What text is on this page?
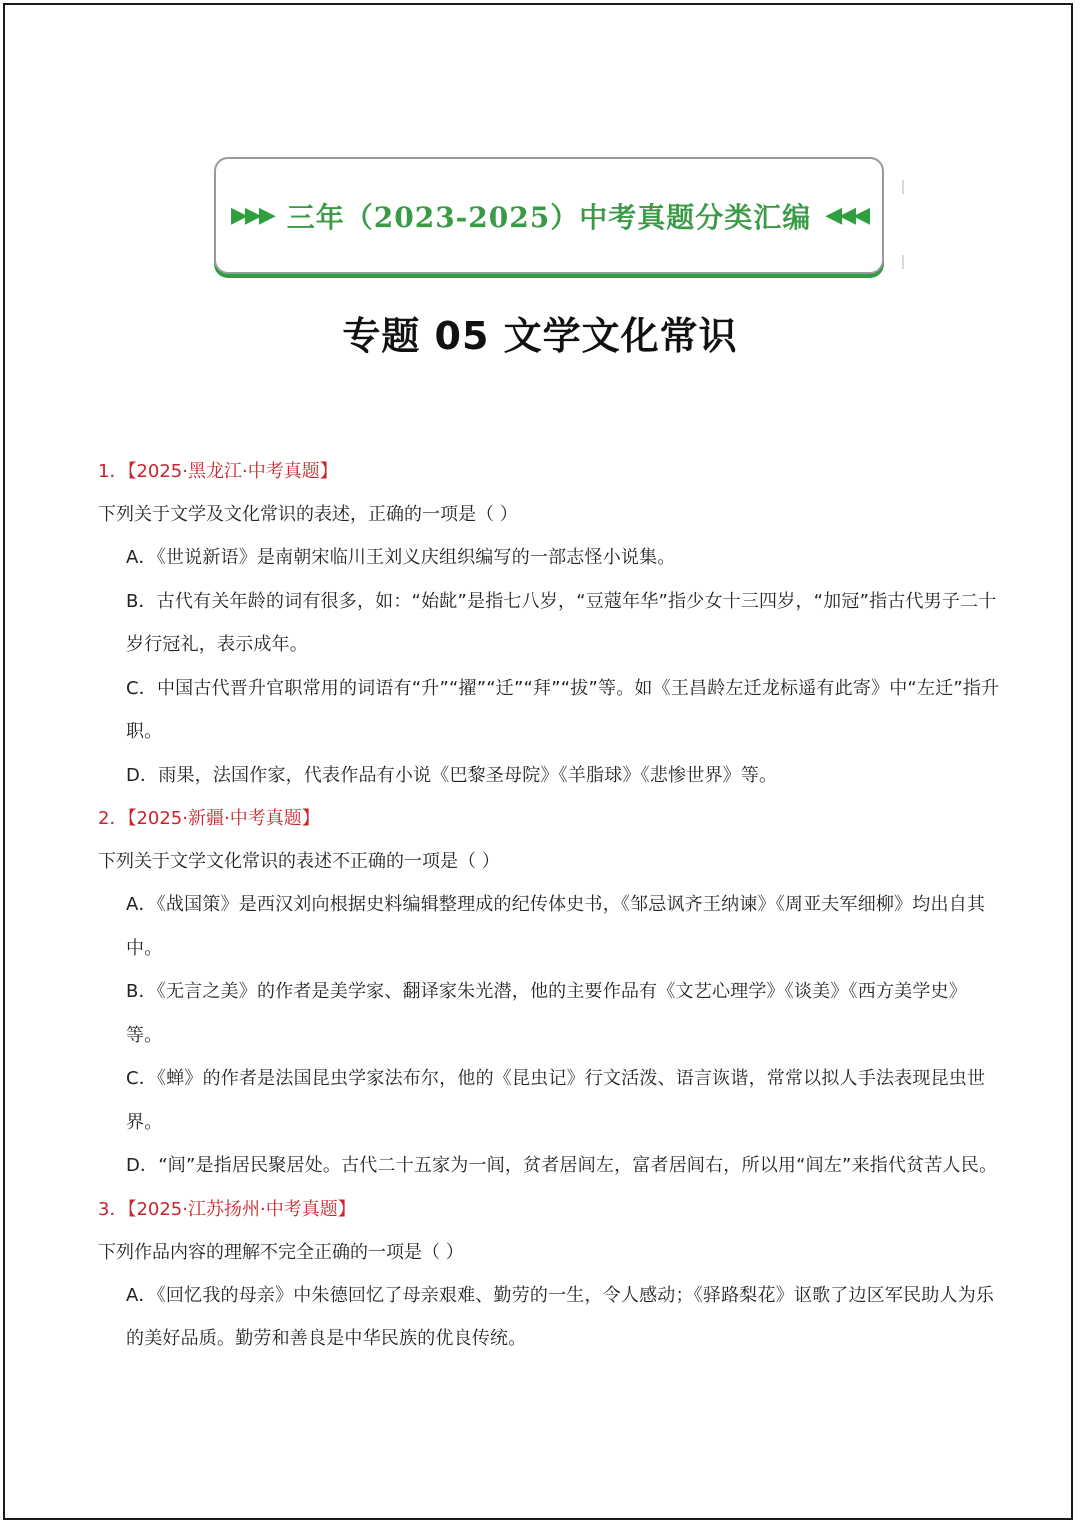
▶▶▶ 三年（2023-2025）中考真题分类汇编 ◀◀◀
专题 05 文学文化常识
1．【2025·黑龙江·中考真题】
下列关于文学及文化常识的表述，正确的一项是（ ）
A．《世说新语》是南朝宋临川王刘义庆组织编写的一部志怪小说集。
B．古代有关年龄的词有很多，如：“始龀”是指七八岁，“豆蔻年华”指少女十三四岁，“加冠”指古代男子二十岁行冠礼，表示成年。
C．中国古代晋升官职常用的词语有“升”“擢”“迁”“拜”“拔”等。如《王昌龄左迁龙标遥有此寄》中“左迁”指升职。
D．雨果，法国作家，代表作品有小说《巴黎圣母院》《羊脂球》《悲惨世界》等。
2．【2025·新疆·中考真题】
下列关于文学文化常识的表述不正确的一项是（ ）
A．《战国策》是西汉刘向根据史料编辑整理成的纪传体史书，《邹忌讽齐王纳谏》《周亚夫军细柳》均出自其中。
B．《无言之美》的作者是美学家、翻译家朱光潜，他的主要作品有《文艺心理学》《谈美》《西方美学史》等。
C．《蝉》的作者是法国昆虫学家法布尔，他的《昆虫记》行文活泼、语言诙谐，常常以拟人手法表现昆虫世界。
D．“闾”是指居民聚居处。古代二十五家为一闾，贫者居闾左，富者居闾右，所以用“闾左”来指代贫苦人民。
3．【2025·江苏扬州·中考真题】
下列作品内容的理解不完全正确的一项是（ ）
A．《回忆我的母亲》中朱德回忆了母亲艰难、勤劳的一生，令人感动；《驿路梨花》讴歌了边区军民助人为乐的美好品质。勤劳和善良是中华民族的优良传统。
